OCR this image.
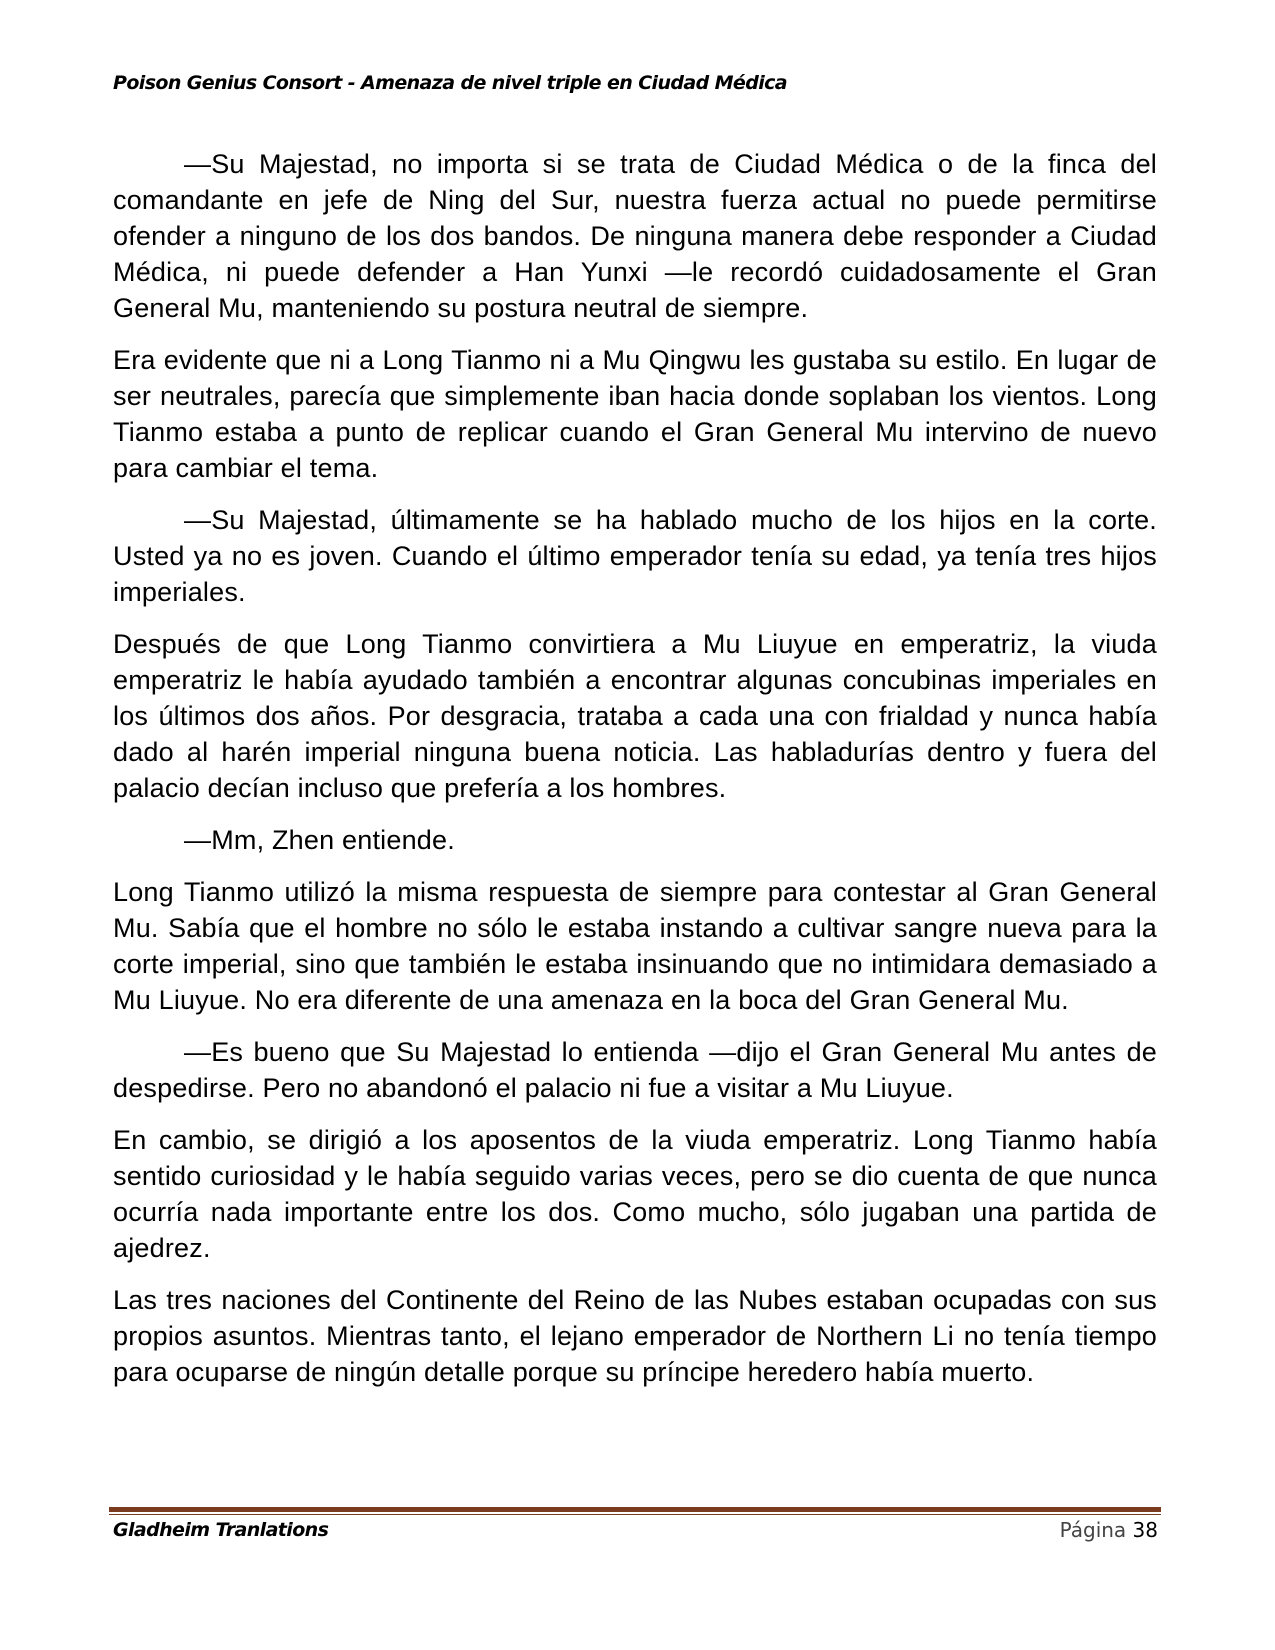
Poison Genius Consort - Amenaza de nivel triple en Ciudad Médica

—Su Majestad, no importa si se trata de Ciudad Médica o de la finca del comandante en jefe de Ning del Sur, nuestra fuerza actual no puede permitirse ofender a ninguno de los dos bandos. De ninguna manera debe responder a Ciudad Médica, ni puede defender a Han Yunxi —le recordó cuidadosamente el Gran General Mu, manteniendo su postura neutral de siempre.

Era evidente que ni a Long Tianmo ni a Mu Qingwu les gustaba su estilo. En lugar de ser neutrales, parecía que simplemente iban hacia donde soplaban los vientos. Long Tianmo estaba a punto de replicar cuando el Gran General Mu intervino de nuevo para cambiar el tema.

—Su Majestad, últimamente se ha hablado mucho de los hijos en la corte. Usted ya no es joven. Cuando el último emperador tenía su edad, ya tenía tres hijos imperiales.

Después de que Long Tianmo convirtiera a Mu Liuyue en emperatriz, la viuda emperatriz le había ayudado también a encontrar algunas concubinas imperiales en los últimos dos años. Por desgracia, trataba a cada una con frialdad y nunca había dado al harén imperial ninguna buena noticia. Las habladurías dentro y fuera del palacio decían incluso que prefería a los hombres.

—Mm, Zhen entiende.

Long Tianmo utilizó la misma respuesta de siempre para contestar al Gran General Mu. Sabía que el hombre no sólo le estaba instando a cultivar sangre nueva para la corte imperial, sino que también le estaba insinuando que no intimidara demasiado a Mu Liuyue. No era diferente de una amenaza en la boca del Gran General Mu.

—Es bueno que Su Majestad lo entienda —dijo el Gran General Mu antes de despedirse. Pero no abandonó el palacio ni fue a visitar a Mu Liuyue.

En cambio, se dirigió a los aposentos de la viuda emperatriz. Long Tianmo había sentido curiosidad y le había seguido varias veces, pero se dio cuenta de que nunca ocurría nada importante entre los dos. Como mucho, sólo jugaban una partida de ajedrez.

Las tres naciones del Continente del Reino de las Nubes estaban ocupadas con sus propios asuntos. Mientras tanto, el lejano emperador de Northern Li no tenía tiempo para ocuparse de ningún detalle porque su príncipe heredero había muerto.

Gladheim Tranlations	Página 38
